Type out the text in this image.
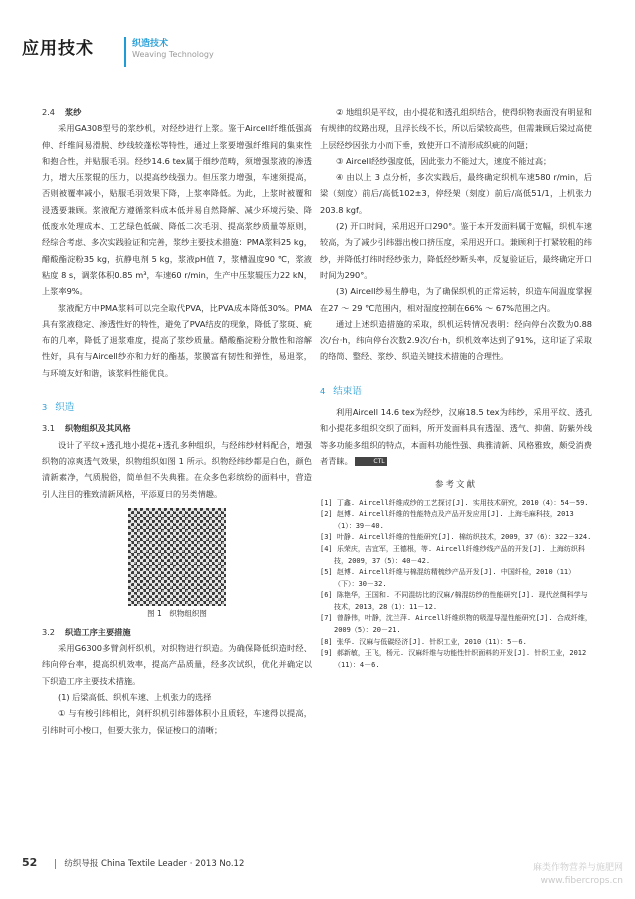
应用技术	织造技术
Weaving Technology
2.4 浆纱

采用GA308型号的浆纱机，对经纱进行上浆。鉴于Aircell纤维低强高伸、纤维间易滑脱、纱线较蓬松等特性，通过上浆要增强纤维间的集束性和抱合性，并贴服毛羽。经纱14.6 tex属于细纱范畴，须增强浆液的渗透力，增大压浆辊的压力，以提高纱线强力。但压浆力增强，车速须提高，否则被覆率减小，贴服毛羽效果下降，上浆率降低。为此，上浆时被覆和浸透要兼顾。浆液配方遵循浆料成本低并易自然降解、减少环境污染、降低废水处理成本、工艺绿色低碳、降低二次毛羽、提高浆纱质量等原则，经综合考虑、多次实践验证和完善，浆纱主要技术措施：PMA浆料25 kg，醋酸酯淀粉35 kg，抗静电剂 5 kg，浆液pH值 7，浆槽温度90 ℃，浆液粘度 8 s，调浆体积0.85 m³，车速60 r/min，生产中压浆辊压力22 kN，上浆率9%。

浆液配方中PMA浆料可以完全取代PVA，比PVA成本降低30%。PMA具有浆液稳定、渗透性好的特性，避免了PVA结皮的现象，降低了浆斑、疵布的几率，降低了退浆难度，提高了浆纱质量。醋酸酯淀粉分散性和溶解性好，具有与Aircell纱亦和力好的酯基，浆膜富有韧性和弹性，易退浆，与环境友好和谐，该浆料性能优良。

3 织造
3.1 织物组织及其风格

设计了平纹+透孔地小提花+透孔多种组织，与经纬纱材料配合，增强织物的凉爽透气效果，织物组织如图 1 所示。织物经纬纱都是白色，颜色清新素净，气质脱俗，简单但不失典雅。在众多色彩缤纷的面料中，营造引人注目的雅致清新风格，平添夏日的另类情趣。

图 1　织物组织图
3.2 织造工序主要措施

采用G6300多臂剑杆织机，对织物进行织造。为确保降低织造时经、纬向停台率，提高织机效率，提高产品质量，经多次试织，优化并确定以下织造工序主要技术措施。

(1) 后梁高低、织机车速、上机张力的选择

① 与有梭引纬相比，剑杆织机引纬器体积小且质轻，车速得以提高，引纬时可小梭口，但要大张力，保证梭口的清晰；

② 地组织是平纹，由小提花和透孔组织结合，使得织物表面没有明显和有规律的纹路出现，且浮长线不长，所以后梁较高些，但需兼顾后梁过高使上层经纱因张力小而下垂，致使开口不清形成织疵的问题；

③ Aircell经纱强度低，因此张力不能过大，速度不能过高；

④ 由以上 3 点分析，多次实践后，最终确定织机车速580 r/min，后梁（刻度）前后/高低102±3，停经架（刻度）前后/高低51/1，上机张力203.8 kgf。

(2) 开口时间，采用迟开口290°。鉴于本开发面料属于宽幅，织机车速较高，为了减少引纬器出梭口挤压度，采用迟开口。兼顾利于打紧较粗的纬纱，并降低打纬时经纱张力，降低经纱断头率，反复验证后，最终确定开口时间为290°。

(3) Aircell纱易生静电，为了确保织机的正常运转，织造车间温度掌握在27 ～ 29 ℃范围内，相对湿度控制在66% ～ 67%范围之内。

通过上述织造措施的采取，织机运转情况表明：经向停台次数为0.88次/台·h，纬向停台次数2.9次/台·h，织机效率达到了91%，这印证了采取的络筒、整经、浆纱、织造关键技术措施的合理性。

4 结束语

利用Aircell 14.6 tex为经纱，汉麻18.5 tex为纬纱，采用平纹、透孔和小提花多组织交织了面料，所开发面料具有透湿、透气、抑菌、防紫外线等多功能多组织的特点，本面料功能性强、典雅清新、风格雅致，颇受消费者青睐。	CTL

参考文献
[1] 丁鑫. Aircell纤维成纱的工艺探讨[J]. 实用技术研究，2010（4）：54－59.
[2] 赵博. Aircell纤维的性能特点及产品开发应用[J]. 上海毛麻科技，2013（1）：39－40.
[3] 叶静. Aircell纤维的性能研究[J]. 棉纺织技术，2009，37（6）：322－324.
[4] 乐荣庆，吉宜军，王德根，等. Aircell纤维纱线产品的开发[J]. 上海纺织科技，2009，37（5）：40－42.
[5] 赵博. Aircell纤维与棉混纺精梳纱产品开发[J]. 中国纤检，2010（11）（下）：30－32.
[6] 陈艳华，王国和. 不同混纺比的汉麻/棉混纺纱的性能研究[J]. 现代丝绸科学与技术，2013，28（1）：11－12.
[7] 曾静伟，叶静，沈兰萍. Aircell纤维织物的吸湿导湿性能研究[J]. 合成纤维，2009（5）：20－21.
[8] 张华. 汉麻与低碳经济[J]. 针织工业，2010（11）：5－6.
[9] 郝新敏，王飞，杨元. 汉麻纤维与功能性针织面料的开发[J]. 针织工业，2012（11）：4－6.
52	纺织导报 China Textile Leader · 2013 No.12	麻类作物营养与施肥网
www.fibercrops.cn
